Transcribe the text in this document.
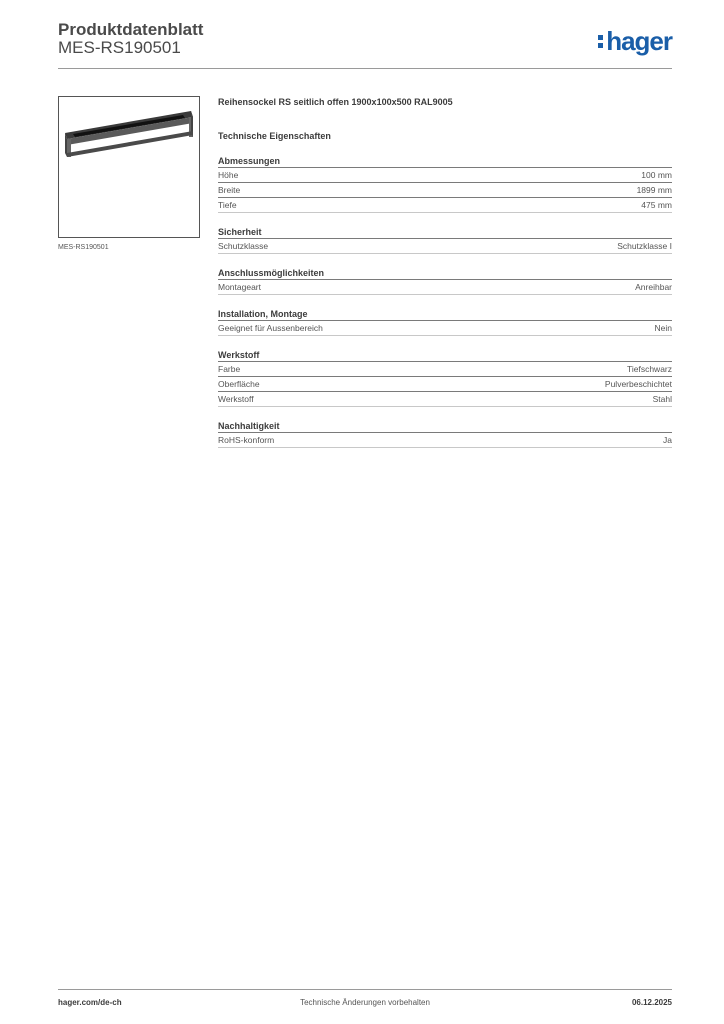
Produktdatenblatt
MES-RS190501	hager
MES-RS190501
Reihensockel RS seitlich offen 1900x100x500 RAL9005
Technische Eigenschaften
Abmessungen
Höhe	100 mm
Breite	1899 mm
Tiefe	475 mm
Sicherheit
Schutzklasse	Schutzklasse I
Anschlussmöglichkeiten
Montageart	Anreihbar
Installation, Montage
Geeignet für Aussenbereich	Nein
Werkstoff
Farbe	Tiefschwarz
Oberfläche	Pulverbeschichtet
Werkstoff	Stahl
Nachhaltigkeit
RoHS-konform	Ja
hager.com/de-ch	Technische Änderungen vorbehalten	06.12.2025
